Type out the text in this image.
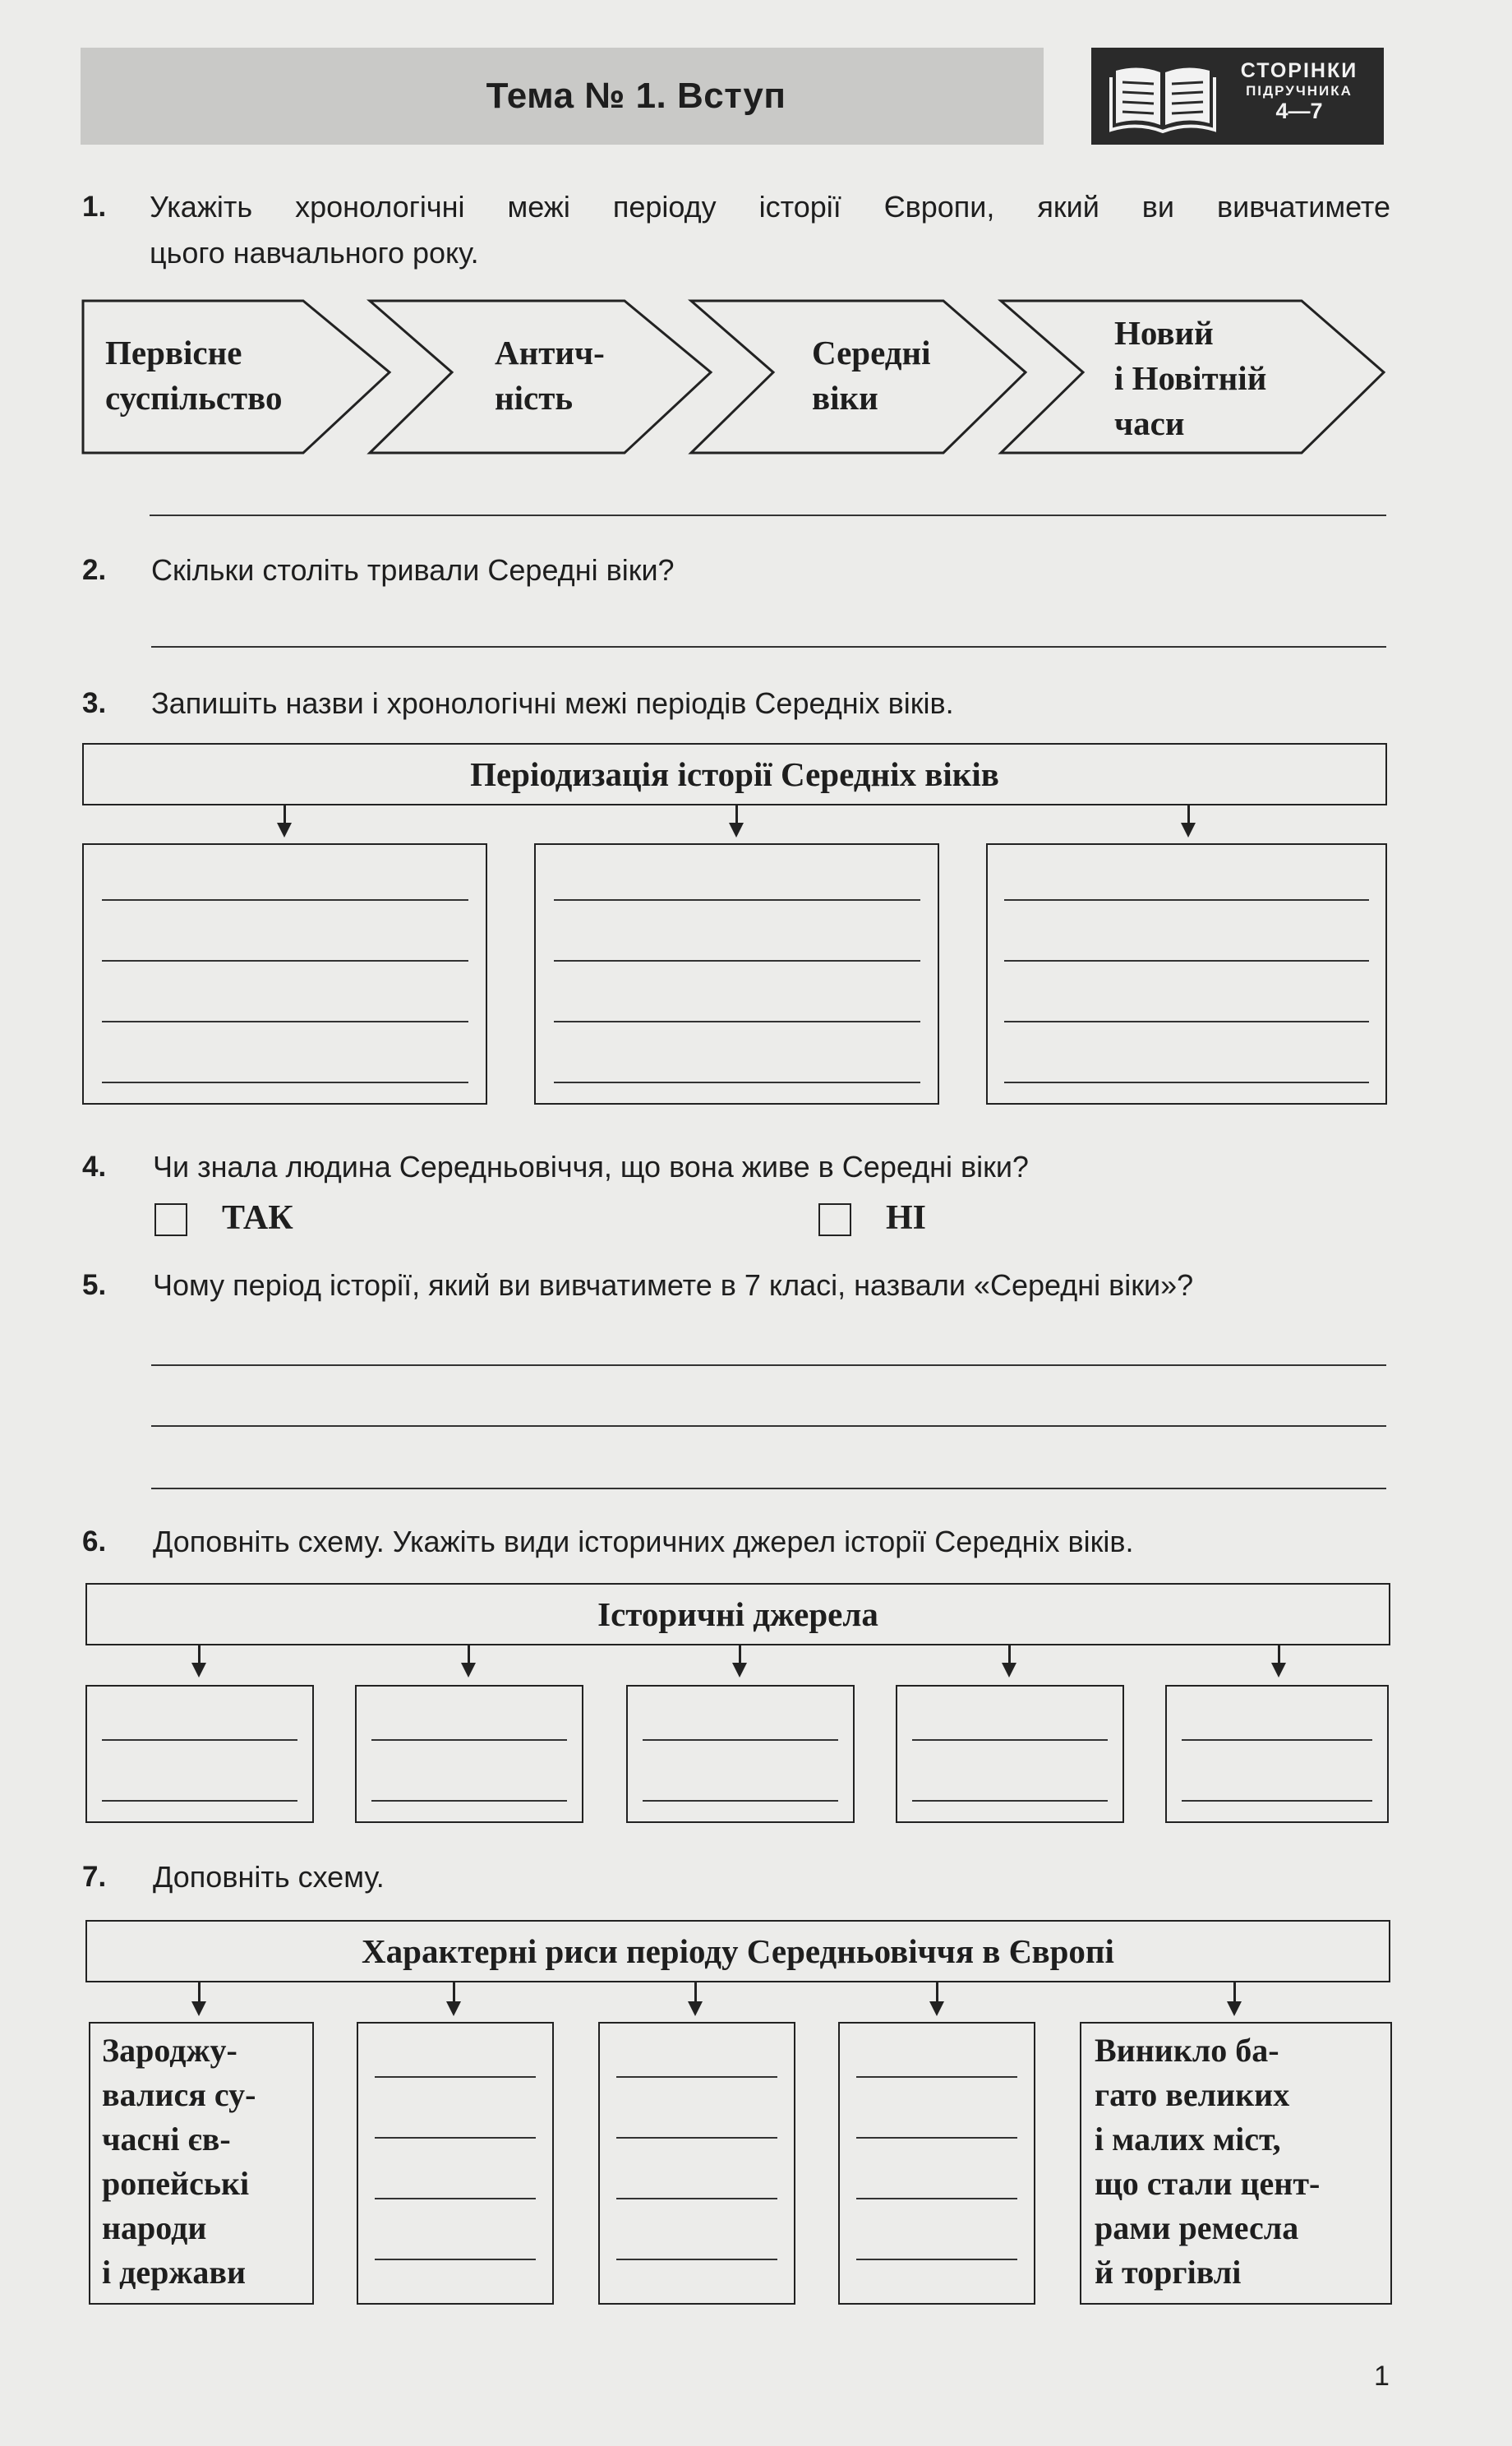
Тема № 1. Вступ
СТОРІНКИ
ПІДРУЧНИКА
4—7
1. Укажіть хронологічні межі періоду історії Європи, який ви вивчатимете
цього навчального року.
Первісне
суспільство
Антич-
ність
Середні
віки
Новий
і Новітній
часи
2. Скільки століть тривали Середні віки?
3. Запишіть назви і хронологічні межі періодів Середніх віків.
Періодизація історії Середніх віків
4. Чи знала людина Середньовіччя, що вона живе в Середні віки?
ТАК	НІ
5. Чому період історії, який ви вивчатимете в 7 класі, назвали «Середні віки»?
6. Доповніть схему. Укажіть види історичних джерел історії Середніх віків.
Історичні джерела
7. Доповніть схему.
Характерні риси періоду Середньовіччя в Європі
Зароджу-
валися су-
часні єв-
ропейські
народи
і держави
Виникло ба-
гато великих
і малих міст,
що стали цент-
рами ремесла
й торгівлі
1
